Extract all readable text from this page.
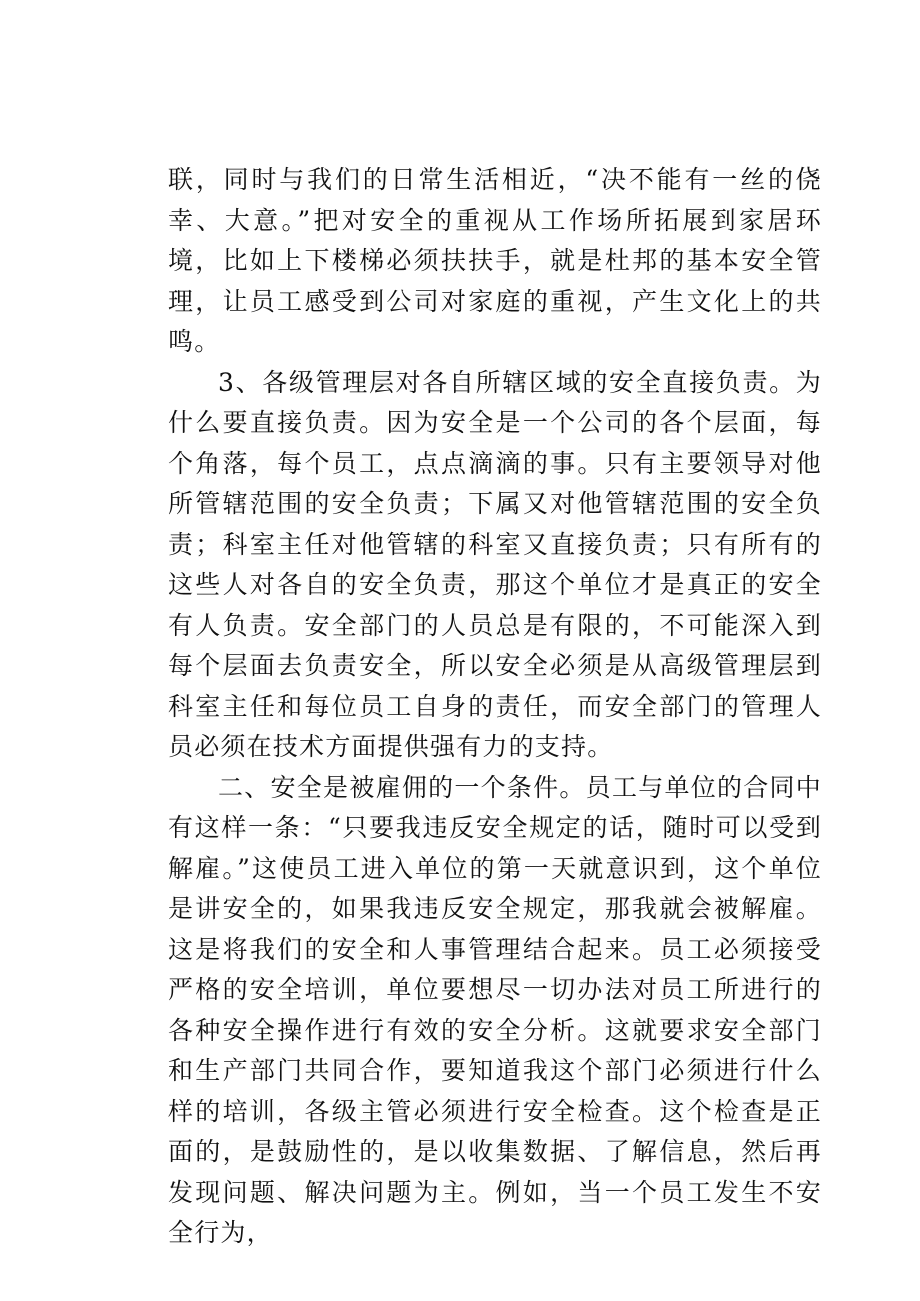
联，同时与我们的日常生活相近，“决不能有一丝的侥幸、大意。”把对安全的重视从工作场所拓展到家居环境，比如上下楼梯必须扶扶手，就是杜邦的基本安全管理，让员工感受到公司对家庭的重视，产生文化上的共鸣。

3、各级管理层对各自所辖区域的安全直接负责。为什么要直接负责。因为安全是一个公司的各个层面，每个角落，每个员工，点点滴滴的事。只有主要领导对他所管辖范围的安全负责；下属又对他管辖范围的安全负责；科室主任对他管辖的科室又直接负责；只有所有的这些人对各自的安全负责，那这个单位才是真正的安全有人负责。安全部门的人员总是有限的，不可能深入到每个层面去负责安全，所以安全必须是从高级管理层到科室主任和每位员工自身的责任，而安全部门的管理人员必须在技术方面提供强有力的支持。

二、安全是被雇佣的一个条件。员工与单位的合同中有这样一条：“只要我违反安全规定的话，随时可以受到解雇。”这使员工进入单位的第一天就意识到，这个单位是讲安全的，如果我违反安全规定，那我就会被解雇。这是将我们的安全和人事管理结合起来。员工必须接受严格的安全培训，单位要想尽一切办法对员工所进行的各种安全操作进行有效的安全分析。这就要求安全部门和生产部门共同合作，要知道我这个部门必须进行什么样的培训，各级主管必须进行安全检查。这个检查是正面的，是鼓励性的，是以收集数据、了解信息，然后再发现问题、解决问题为主。例如，当一个员工发生不安全行为，
